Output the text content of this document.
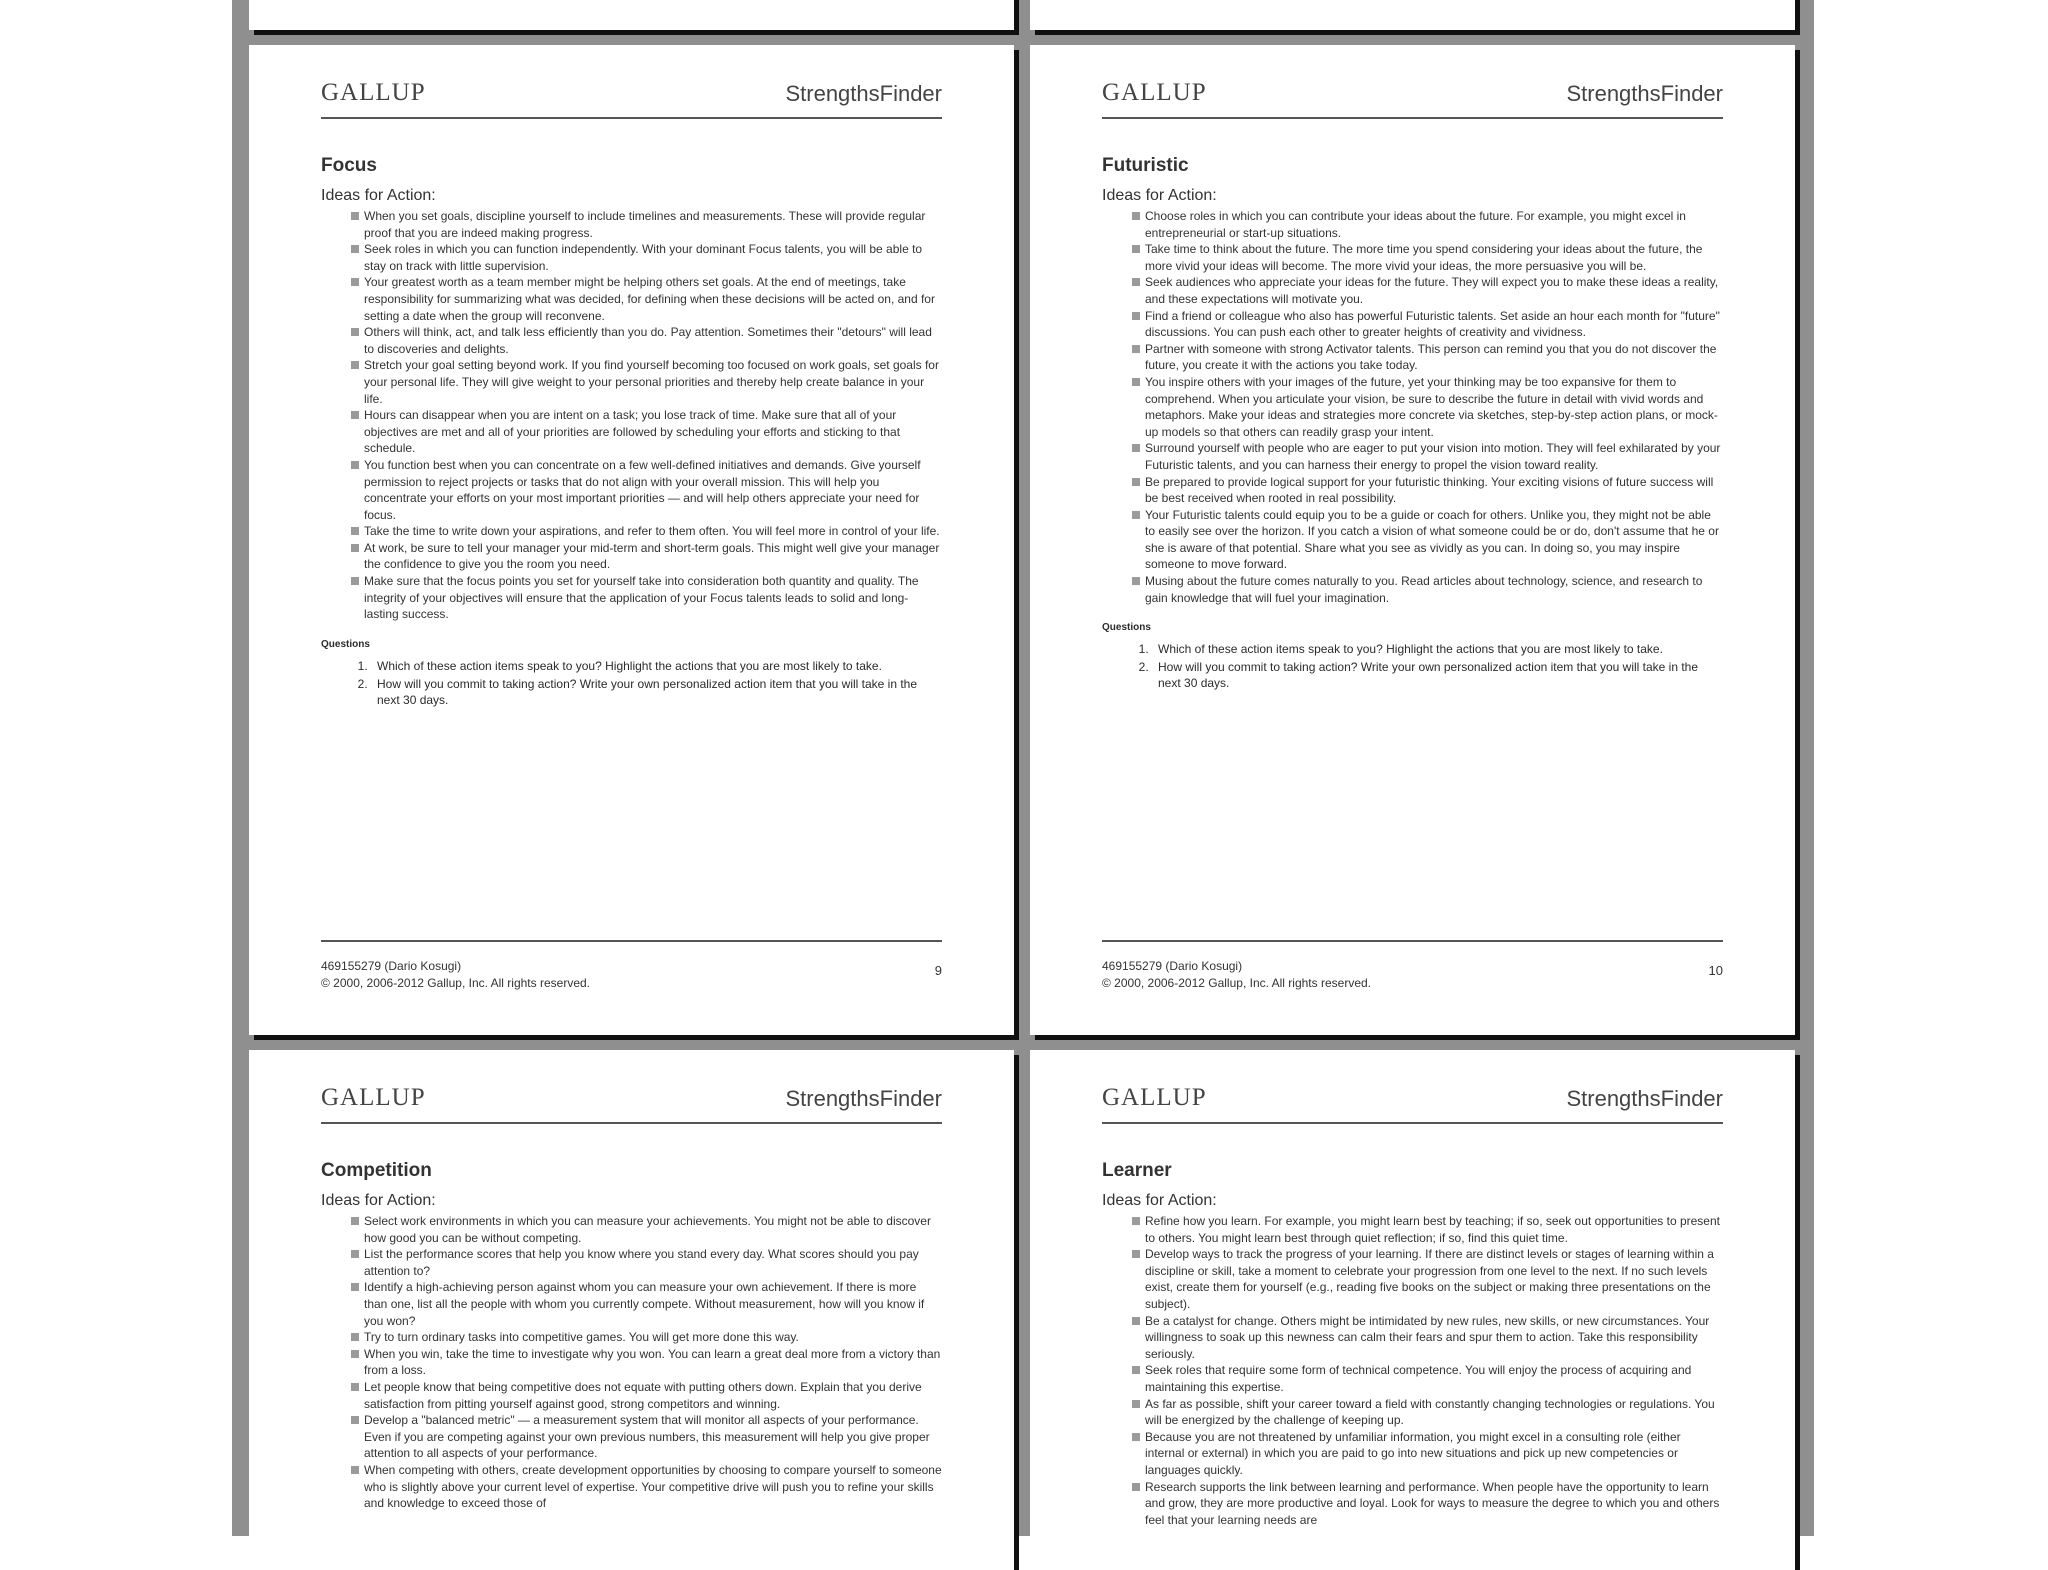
GALLUP	StrengthsFinder
Focus
Ideas for Action:
When you set goals, discipline yourself to include timelines and measurements. These will provide regular proof that you are indeed making progress.
Seek roles in which you can function independently. With your dominant Focus talents, you will be able to stay on track with little supervision.
Your greatest worth as a team member might be helping others set goals. At the end of meetings, take responsibility for summarizing what was decided, for defining when these decisions will be acted on, and for setting a date when the group will reconvene.
Others will think, act, and talk less efficiently than you do. Pay attention. Sometimes their "detours" will lead to discoveries and delights.
Stretch your goal setting beyond work. If you find yourself becoming too focused on work goals, set goals for your personal life. They will give weight to your personal priorities and thereby help create balance in your life.
Hours can disappear when you are intent on a task; you lose track of time. Make sure that all of your objectives are met and all of your priorities are followed by scheduling your efforts and sticking to that schedule.
You function best when you can concentrate on a few well-defined initiatives and demands. Give yourself permission to reject projects or tasks that do not align with your overall mission. This will help you concentrate your efforts on your most important priorities — and will help others appreciate your need for focus.
Take the time to write down your aspirations, and refer to them often. You will feel more in control of your life.
At work, be sure to tell your manager your mid-term and short-term goals. This might well give your manager the confidence to give you the room you need.
Make sure that the focus points you set for yourself take into consideration both quantity and quality. The integrity of your objectives will ensure that the application of your Focus talents leads to solid and long-lasting success.
Questions
1. Which of these action items speak to you? Highlight the actions that you are most likely to take.
2. How will you commit to taking action? Write your own personalized action item that you will take in the next 30 days.
469155279 (Dario Kosugi)
© 2000, 2006-2012 Gallup, Inc. All rights reserved.
9
GALLUP	StrengthsFinder
Futuristic
Ideas for Action:
Choose roles in which you can contribute your ideas about the future. For example, you might excel in entrepreneurial or start-up situations.
Take time to think about the future. The more time you spend considering your ideas about the future, the more vivid your ideas will become. The more vivid your ideas, the more persuasive you will be.
Seek audiences who appreciate your ideas for the future. They will expect you to make these ideas a reality, and these expectations will motivate you.
Find a friend or colleague who also has powerful Futuristic talents. Set aside an hour each month for "future" discussions. You can push each other to greater heights of creativity and vividness.
Partner with someone with strong Activator talents. This person can remind you that you do not discover the future, you create it with the actions you take today.
You inspire others with your images of the future, yet your thinking may be too expansive for them to comprehend. When you articulate your vision, be sure to describe the future in detail with vivid words and metaphors. Make your ideas and strategies more concrete via sketches, step-by-step action plans, or mock-up models so that others can readily grasp your intent.
Surround yourself with people who are eager to put your vision into motion. They will feel exhilarated by your Futuristic talents, and you can harness their energy to propel the vision toward reality.
Be prepared to provide logical support for your futuristic thinking. Your exciting visions of future success will be best received when rooted in real possibility.
Your Futuristic talents could equip you to be a guide or coach for others. Unlike you, they might not be able to easily see over the horizon. If you catch a vision of what someone could be or do, don't assume that he or she is aware of that potential. Share what you see as vividly as you can. In doing so, you may inspire someone to move forward.
Musing about the future comes naturally to you. Read articles about technology, science, and research to gain knowledge that will fuel your imagination.
Questions
1. Which of these action items speak to you? Highlight the actions that you are most likely to take.
2. How will you commit to taking action? Write your own personalized action item that you will take in the next 30 days.
469155279 (Dario Kosugi)
© 2000, 2006-2012 Gallup, Inc. All rights reserved.
10
GALLUP	StrengthsFinder
Competition
Ideas for Action:
Select work environments in which you can measure your achievements. You might not be able to discover how good you can be without competing.
List the performance scores that help you know where you stand every day. What scores should you pay attention to?
Identify a high-achieving person against whom you can measure your own achievement. If there is more than one, list all the people with whom you currently compete. Without measurement, how will you know if you won?
Try to turn ordinary tasks into competitive games. You will get more done this way.
When you win, take the time to investigate why you won. You can learn a great deal more from a victory than from a loss.
Let people know that being competitive does not equate with putting others down. Explain that you derive satisfaction from pitting yourself against good, strong competitors and winning.
Develop a "balanced metric" — a measurement system that will monitor all aspects of your performance. Even if you are competing against your own previous numbers, this measurement will help you give proper attention to all aspects of your performance.
When competing with others, create development opportunities by choosing to compare yourself to someone who is slightly above your current level of expertise. Your competitive drive will push you to refine your skills and knowledge to exceed those of
GALLUP	StrengthsFinder
Learner
Ideas for Action:
Refine how you learn. For example, you might learn best by teaching; if so, seek out opportunities to present to others. You might learn best through quiet reflection; if so, find this quiet time.
Develop ways to track the progress of your learning. If there are distinct levels or stages of learning within a discipline or skill, take a moment to celebrate your progression from one level to the next. If no such levels exist, create them for yourself (e.g., reading five books on the subject or making three presentations on the subject).
Be a catalyst for change. Others might be intimidated by new rules, new skills, or new circumstances. Your willingness to soak up this newness can calm their fears and spur them to action. Take this responsibility seriously.
Seek roles that require some form of technical competence. You will enjoy the process of acquiring and maintaining this expertise.
As far as possible, shift your career toward a field with constantly changing technologies or regulations. You will be energized by the challenge of keeping up.
Because you are not threatened by unfamiliar information, you might excel in a consulting role (either internal or external) in which you are paid to go into new situations and pick up new competencies or languages quickly.
Research supports the link between learning and performance. When people have the opportunity to learn and grow, they are more productive and loyal. Look for ways to measure the degree to which you and others feel that your learning needs are
